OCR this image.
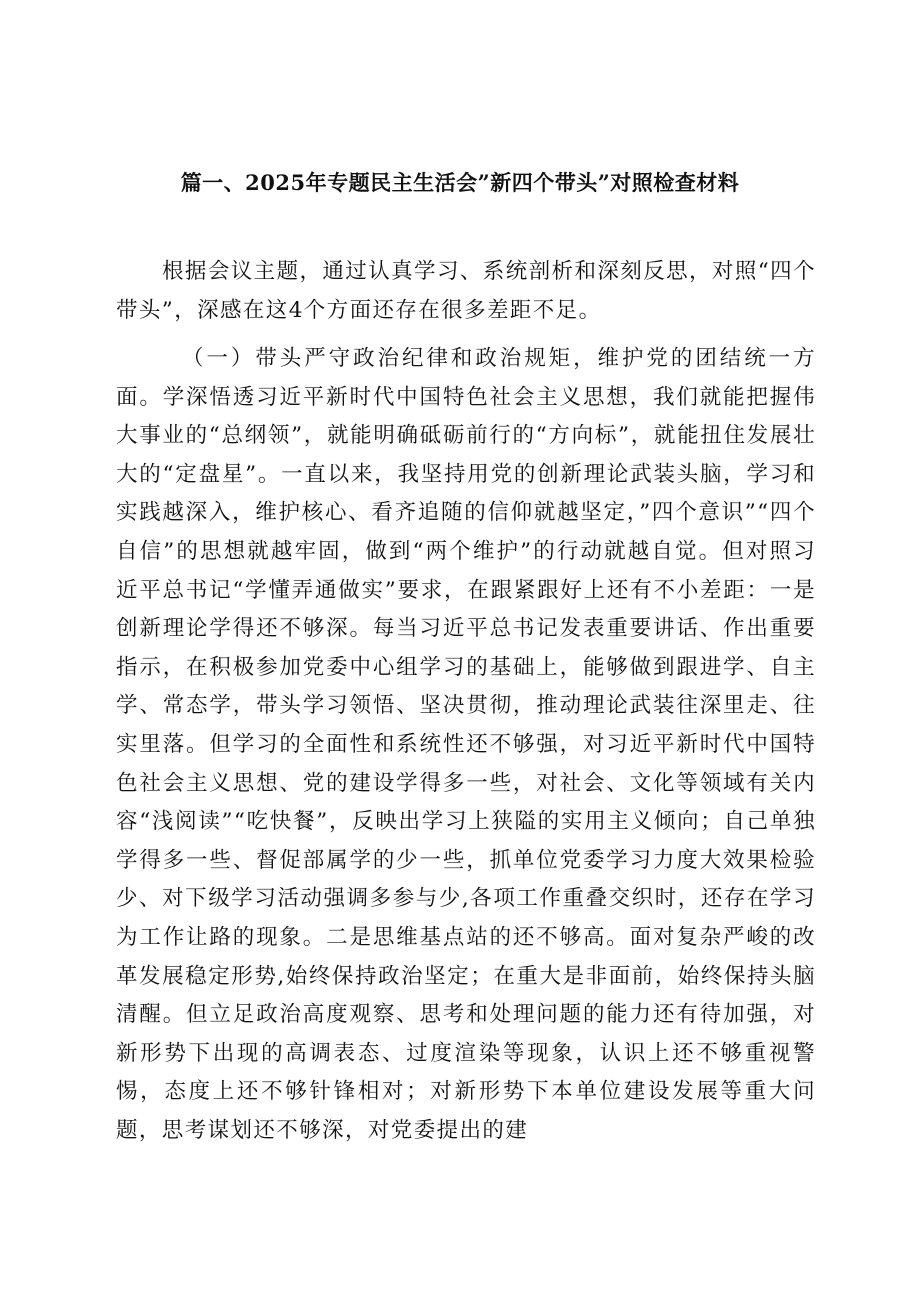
篇一、2025年专题民主生活会”新四个带头”对照检查材料

根据会议主题，通过认真学习、系统剖析和深刻反思，对照“四个带头”，深感在这4个方面还存在很多差距不足。

（一）带头严守政治纪律和政治规矩，维护党的团结统一方面。学深悟透习近平新时代中国特色社会主义思想，我们就能把握伟大事业的“总纲领”，就能明确砥砺前行的“方向标”，就能扭住发展壮大的“定盘星”。一直以来，我坚持用党的创新理论武装头脑，学习和实践越深入，维护核心、看齐追随的信仰就越坚定，”四个意识”“四个自信”的思想就越牢固，做到“两个维护”的行动就越自觉。但对照习近平总书记“学懂弄通做实”要求，在跟紧跟好上还有不小差距：一是创新理论学得还不够深。每当习近平总书记发表重要讲话、作出重要指示，在积极参加党委中心组学习的基础上，能够做到跟进学、自主学、常态学，带头学习领悟、坚决贯彻，推动理论武装往深里走、往实里落。但学习的全面性和系统性还不够强，对习近平新时代中国特色社会主义思想、党的建设学得多一些，对社会、文化等领域有关内容“浅阅读”“吃快餐”，反映出学习上狭隘的实用主义倾向；自己单独学得多一些、督促部属学的少一些，抓单位党委学习力度大效果检验少、对下级学习活动强调多参与少,各项工作重叠交织时，还存在学习为工作让路的现象。二是思维基点站的还不够高。面对复杂严峻的改革发展稳定形势,始终保持政治坚定；在重大是非面前，始终保持头脑清醒。但立足政治高度观察、思考和处理问题的能力还有待加强，对新形势下出现的高调表态、过度渲染等现象，认识上还不够重视警惕，态度上还不够针锋相对；对新形势下本单位建设发展等重大问题，思考谋划还不够深，对党委提出的建
